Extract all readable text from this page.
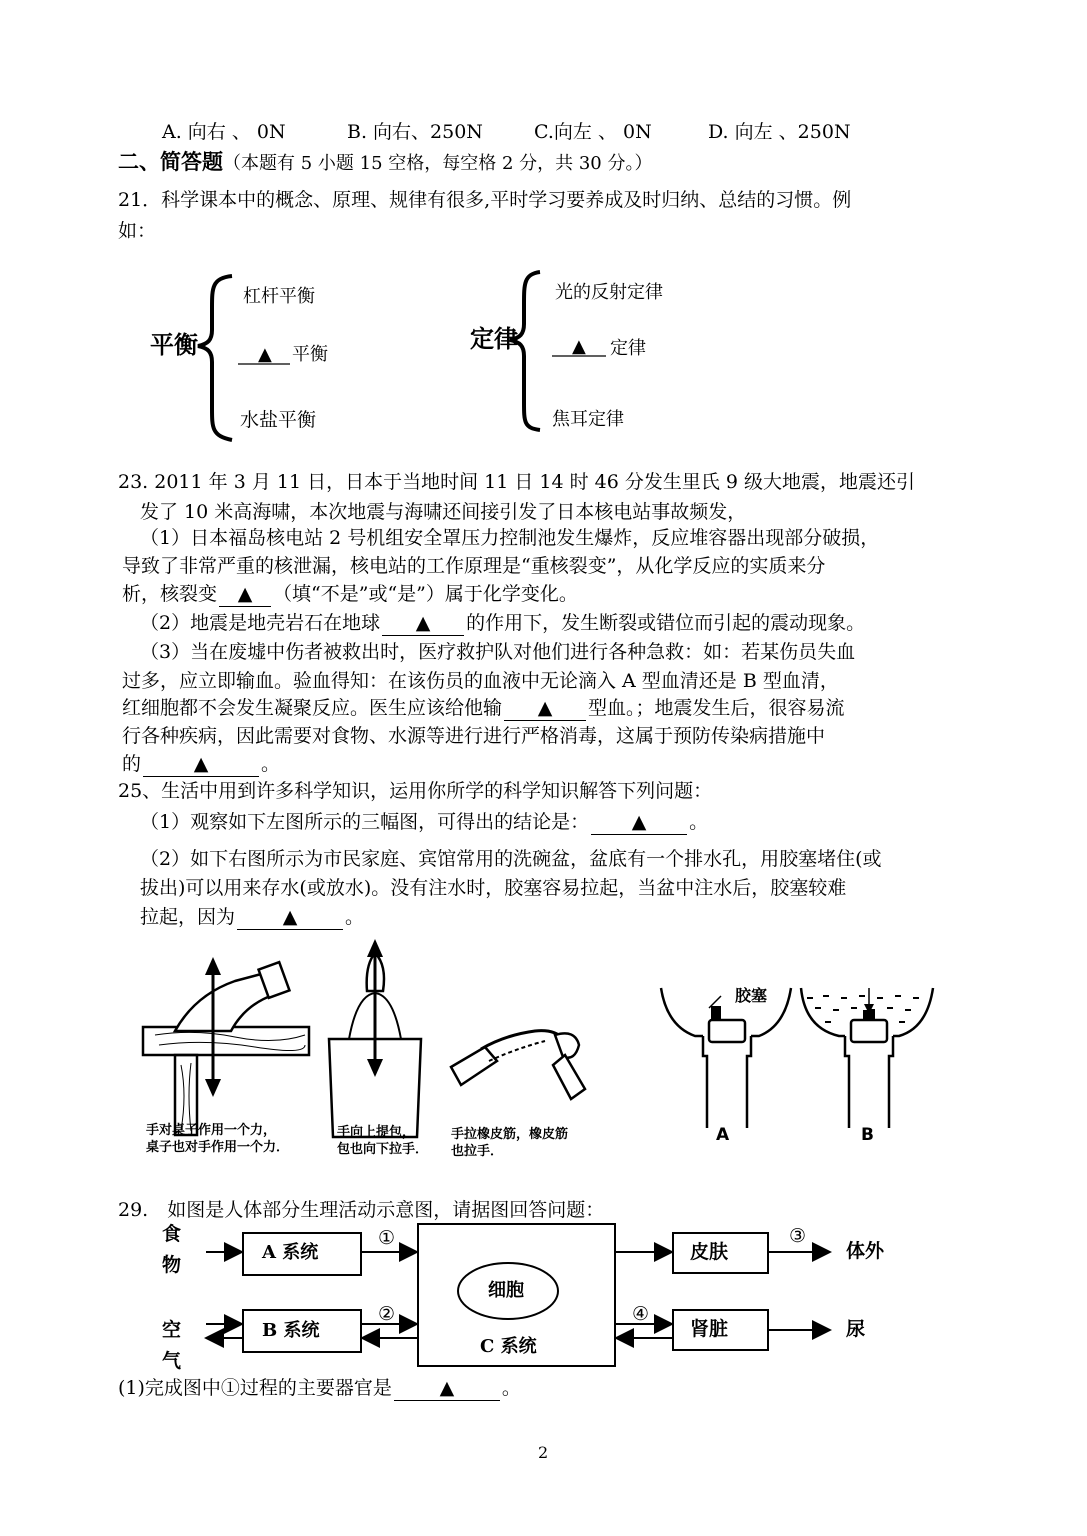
A. 向右 、 0N	B. 向右、250N	C.向左 、 0N	D. 向左 、250N
二、简答题（本题有 5 小题 15 空格，每空格 2 分，共 30 分。）
21．科学课本中的概念、原理、规律有很多,平时学习要养成及时归纳、总结的习惯。例
如：
平衡
杠杆平衡
▲ 平衡
水盐平衡
定律
光的反射定律
▲ 定律
焦耳定律
23. 2011 年 3 月 11 日，日本于当地时间 11 日 14 时 46 分发生里氏 9 级大地震，地震还引
发了 10 米高海啸，本次地震与海啸还间接引发了日本核电站事故频发，
（1）日本福岛核电站 2 号机组安全罩压力控制池发生爆炸，反应堆容器出现部分破损，
导致了非常严重的核泄漏，核电站的工作原理是“重核裂变”，从化学反应的实质来分
析，核裂变 ▲ （填“不是”或“是”）属于化学变化。
（2）地震是地壳岩石在地球 ▲ 的作用下，发生断裂或错位而引起的震动现象。
（3）当在废墟中伤者被救出时，医疗救护队对他们进行各种急救：如：若某伤员失血
过多，应立即输血。验血得知：在该伤员的血液中无论滴入 A 型血清还是 B 型血清，
红细胞都不会发生凝聚反应。医生应该给他输 ▲ 型血。；地震发生后，很容易流
行各种疾病，因此需要对食物、水源等进行进行严格消毒，这属于预防传染病措施中
的	▲	。
25、生活中用到许多科学知识，运用你所学的科学知识解答下列问题：
（1）观察如下左图所示的三幅图，可得出的结论是： ▲ 。
（2）如下右图所示为市民家庭、宾馆常用的洗碗盆，盆底有一个排水孔，用胶塞堵住(或
拔出)可以用来存水(或放水)。没有注水时，胶塞容易拉起，当盆中注水后，胶塞较难
拉起，因为	▲	。
手对桌子作用一个力，
桌子也对手作用一个力．
手向上提包，
包也向下拉手．
手拉橡皮筋，橡皮筋
也拉手．
胶塞
A	B
29.　如图是人体部分生理活动示意图，请据图回答问题：
食
物
空
气
A 系统
B 系统
细胞
C 系统
皮肤
肾脏
体外
尿
①
②
③
④
(1)完成图中①过程的主要器官是	▲	。
2
